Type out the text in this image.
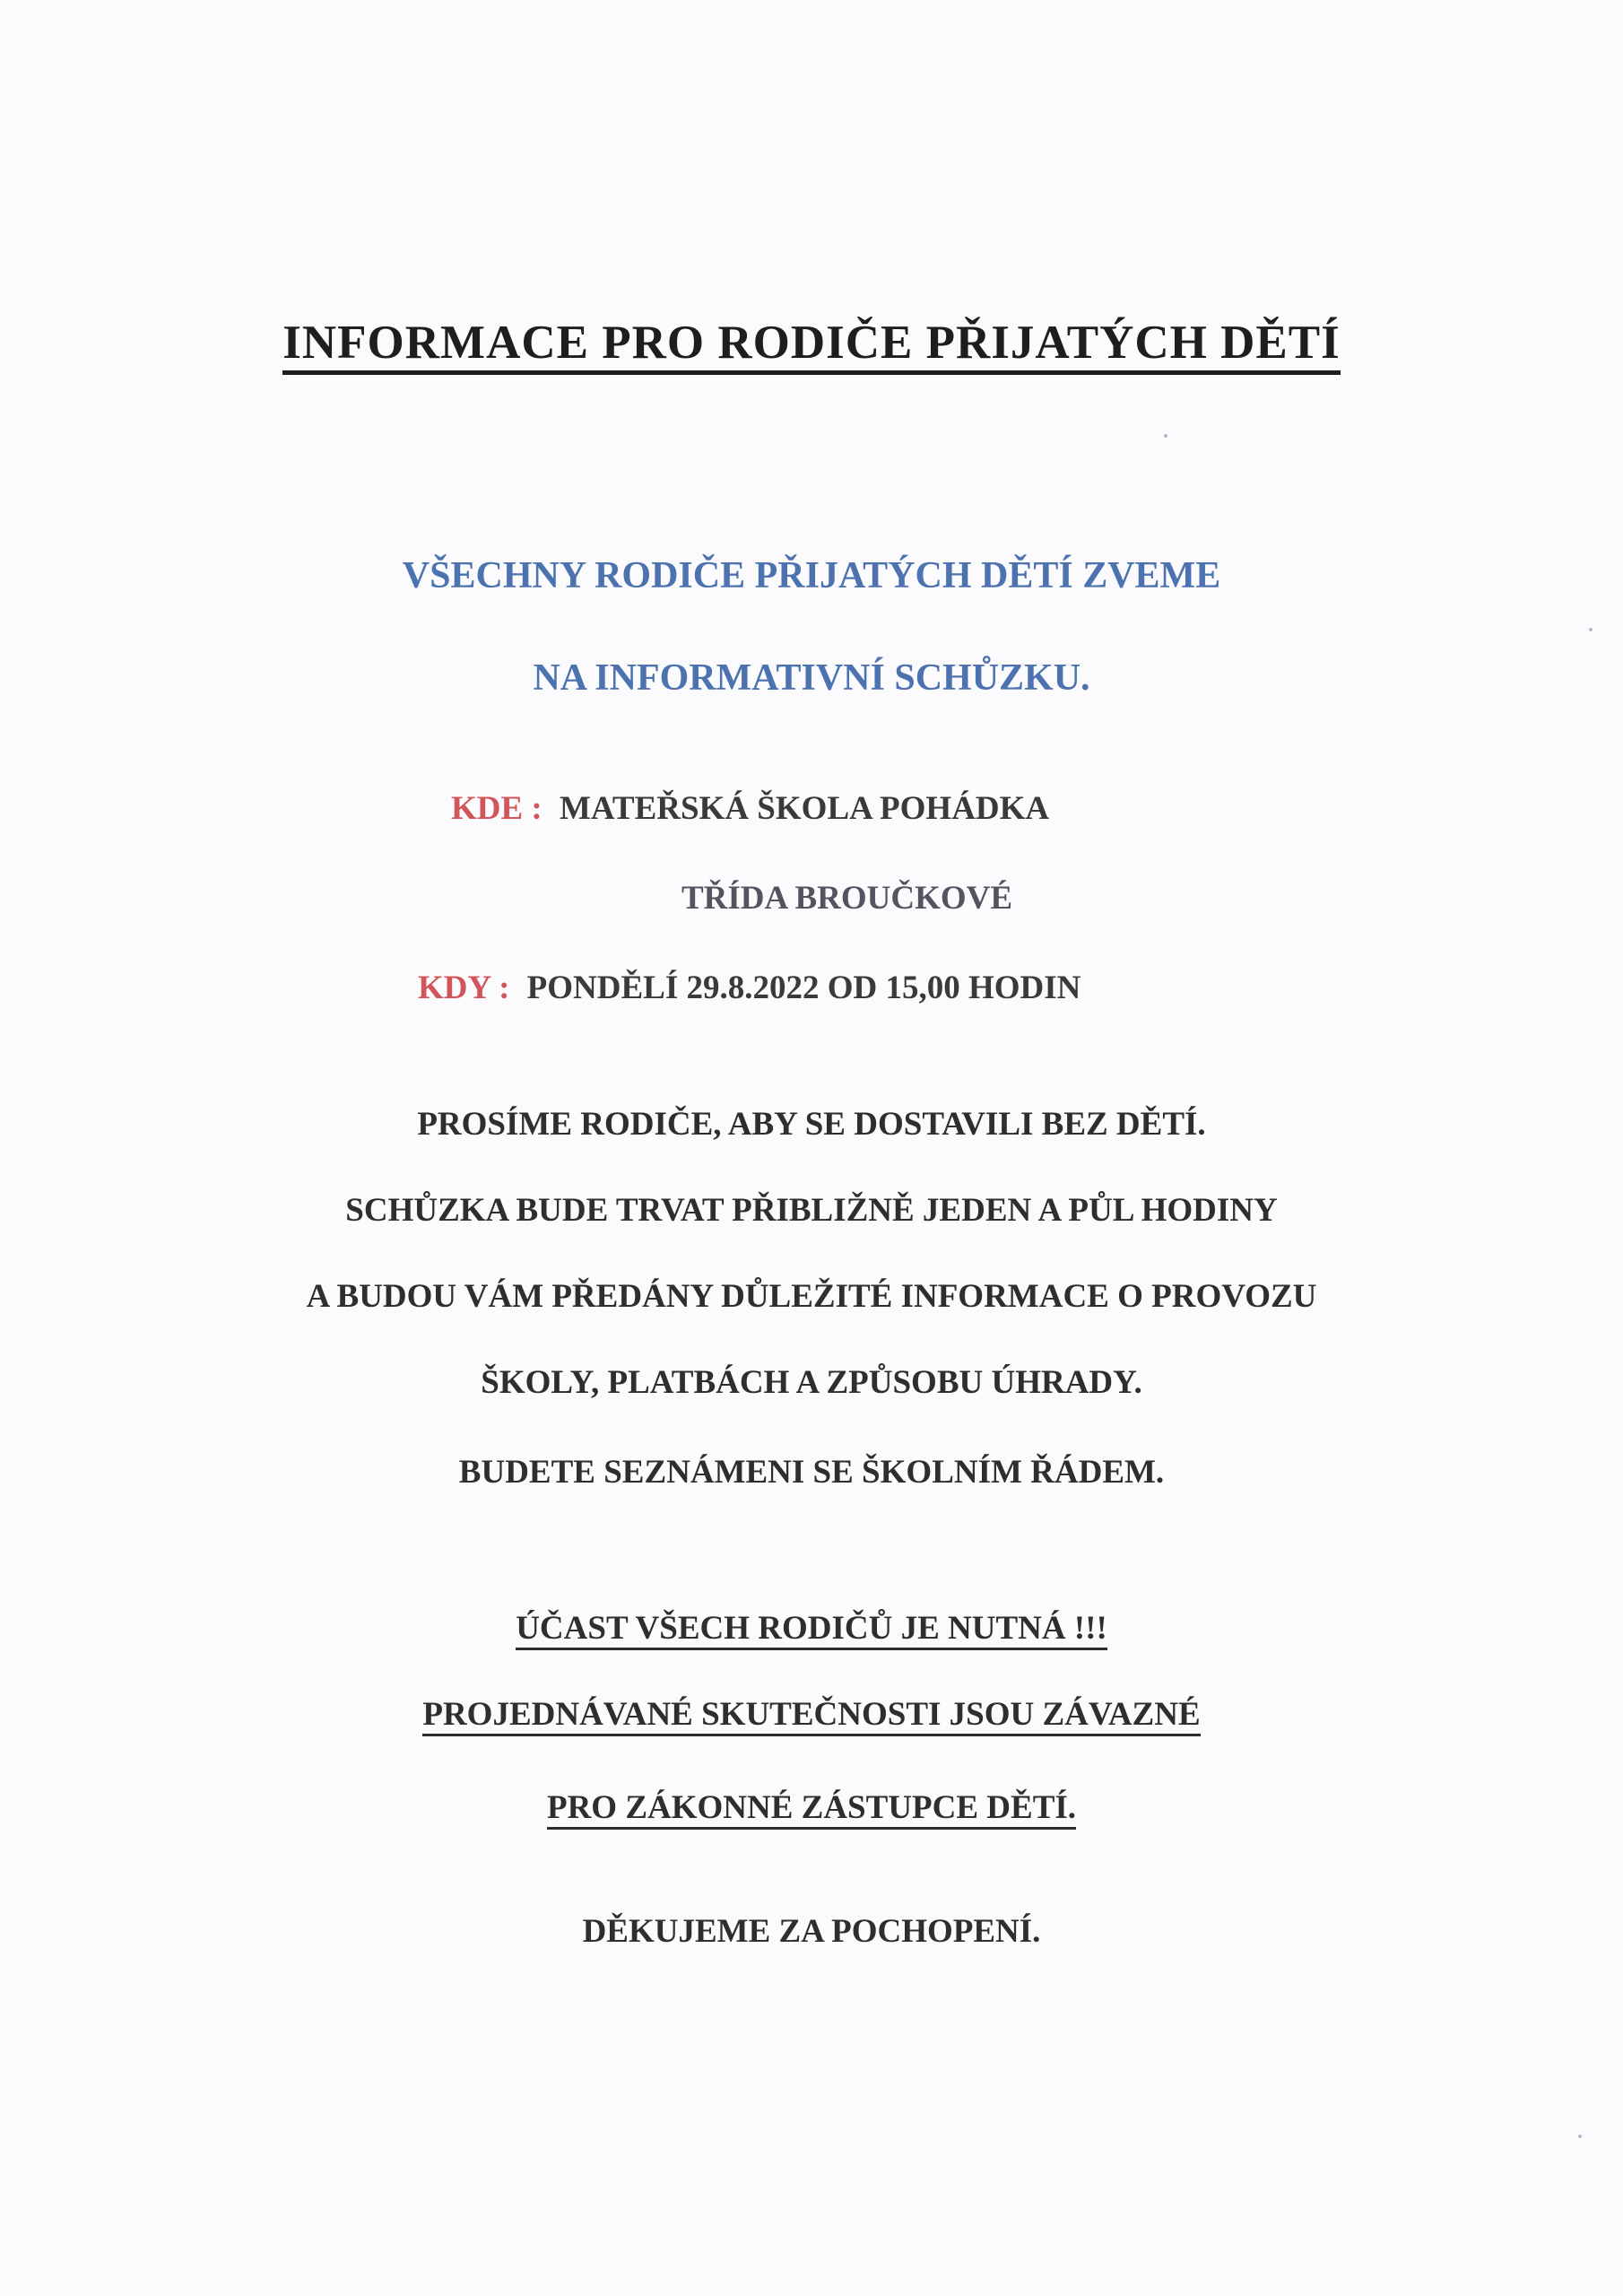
INFORMACE PRO RODIČE PŘIJATÝCH DĚTÍ

VŠECHNY RODIČE PŘIJATÝCH DĚTÍ ZVEME

NA INFORMATIVNÍ SCHŮZKU.

KDE : MATEŘSKÁ ŠKOLA POHÁDKA

TŘÍDA BROUČKOVÉ

KDY : PONDĚLÍ 29.8.2022 OD 15,00 HODIN

PROSÍME RODIČE, ABY SE DOSTAVILI BEZ DĚTÍ.

SCHŮZKA BUDE TRVAT PŘIBLIŽNĚ JEDEN A PŮL HODINY

A BUDOU VÁM PŘEDÁNY DŮLEŽITÉ INFORMACE O PROVOZU

ŠKOLY, PLATBÁCH A ZPŮSOBU ÚHRADY.

BUDETE SEZNÁMENI SE ŠKOLNÍM ŘÁDEM.

ÚČAST VŠECH RODIČŮ JE NUTNÁ !!!

PROJEDNÁVANÉ SKUTEČNOSTI JSOU ZÁVAZNÉ

PRO ZÁKONNÉ ZÁSTUPCE DĚTÍ.

DĚKUJEME ZA POCHOPENÍ.
